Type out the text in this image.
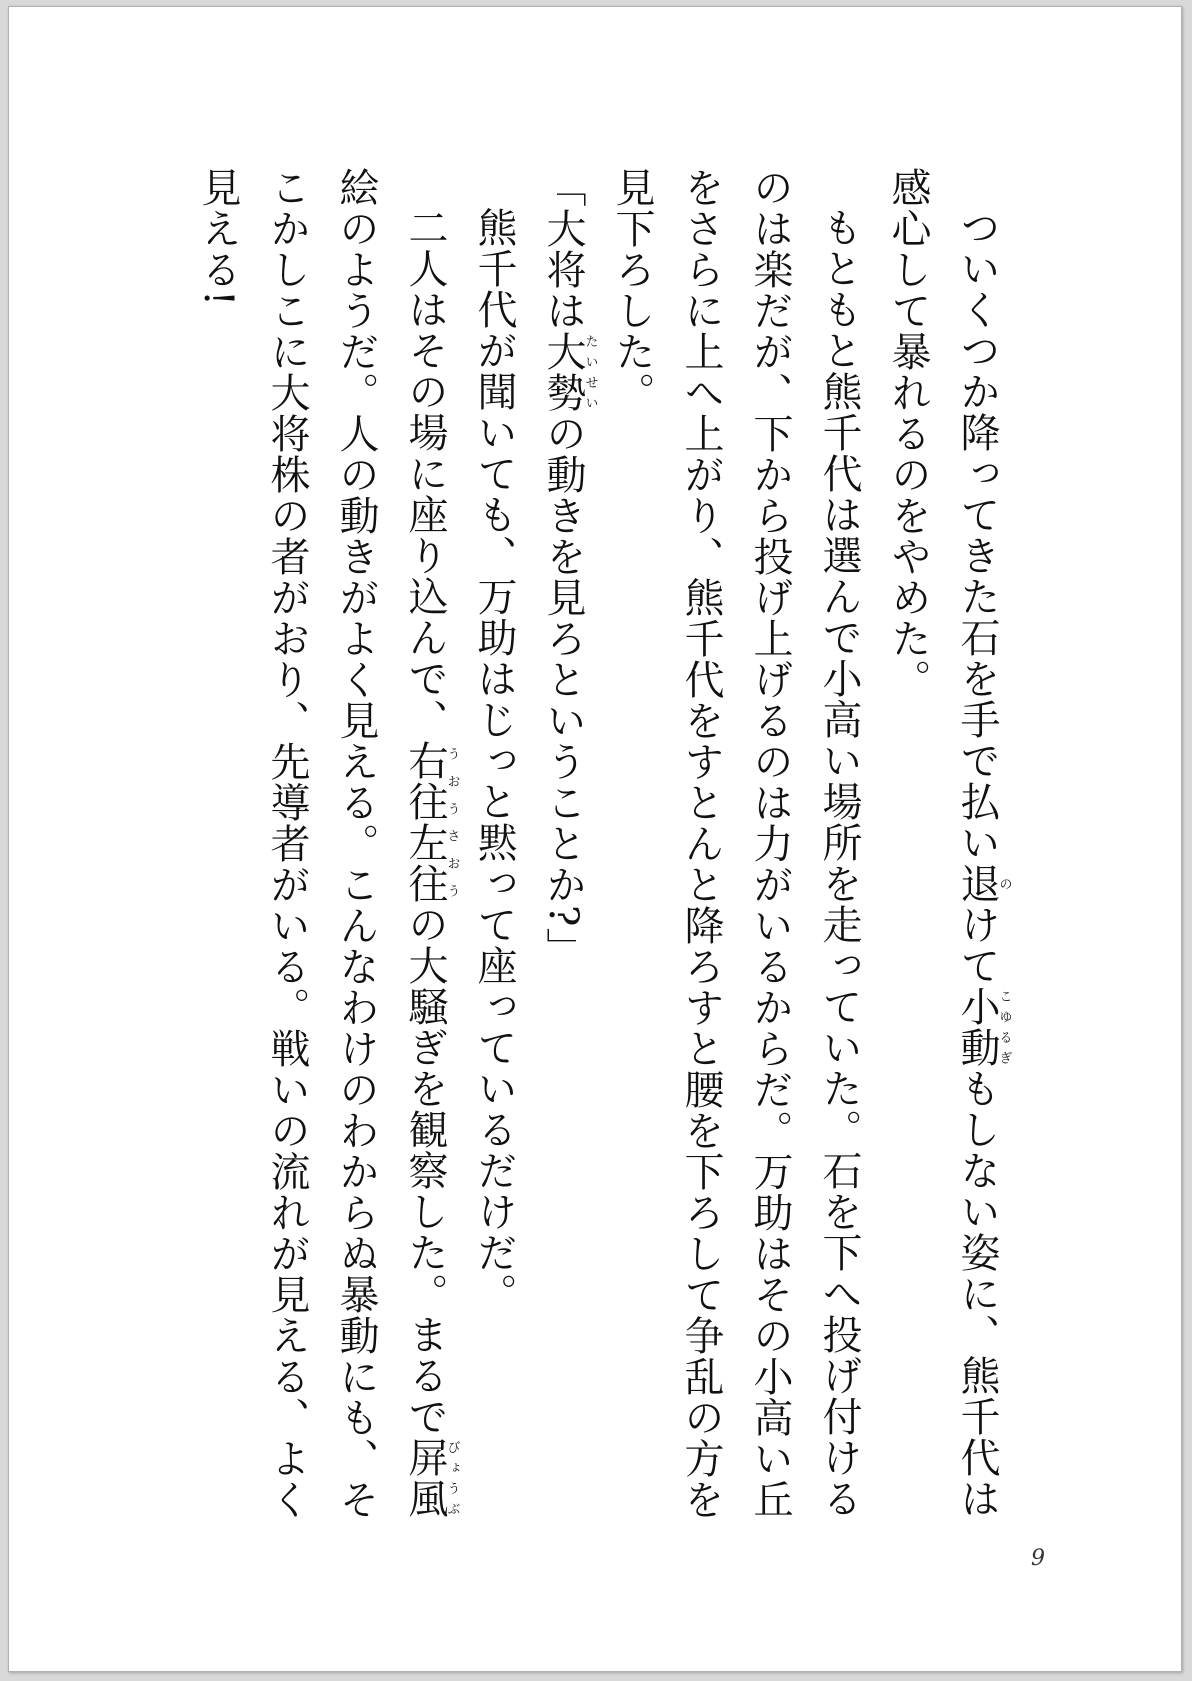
ついくつか降ってきた石を手で払い退のけて小動こゆるぎもしない姿に、熊千代は感心して暴れるのをやめた。

もともと熊千代は選んで小高い場所を走っていた。石を下へ投げ付けるのは楽だが、下から投げ上げるのは力がいるからだ。万助はその小高い丘をさらに上へ上がり、熊千代をすとんと降ろすと腰を下ろして争乱の方を見下ろした。

「大将は大勢たいせいの動きを見ろということか?」

熊千代が聞いても、万助はじっと黙って座っているだけだ。

二人はその場に座り込んで、右往左往うおうさおうの大騒ぎを観察した。まるで屏風びょうぶ絵のようだ。人の動きがよく見える。こんなわけのわからぬ暴動にも、そこかしこに大将株の者がおり、先導者がいる。戦いの流れが見える、よく見える!

9
